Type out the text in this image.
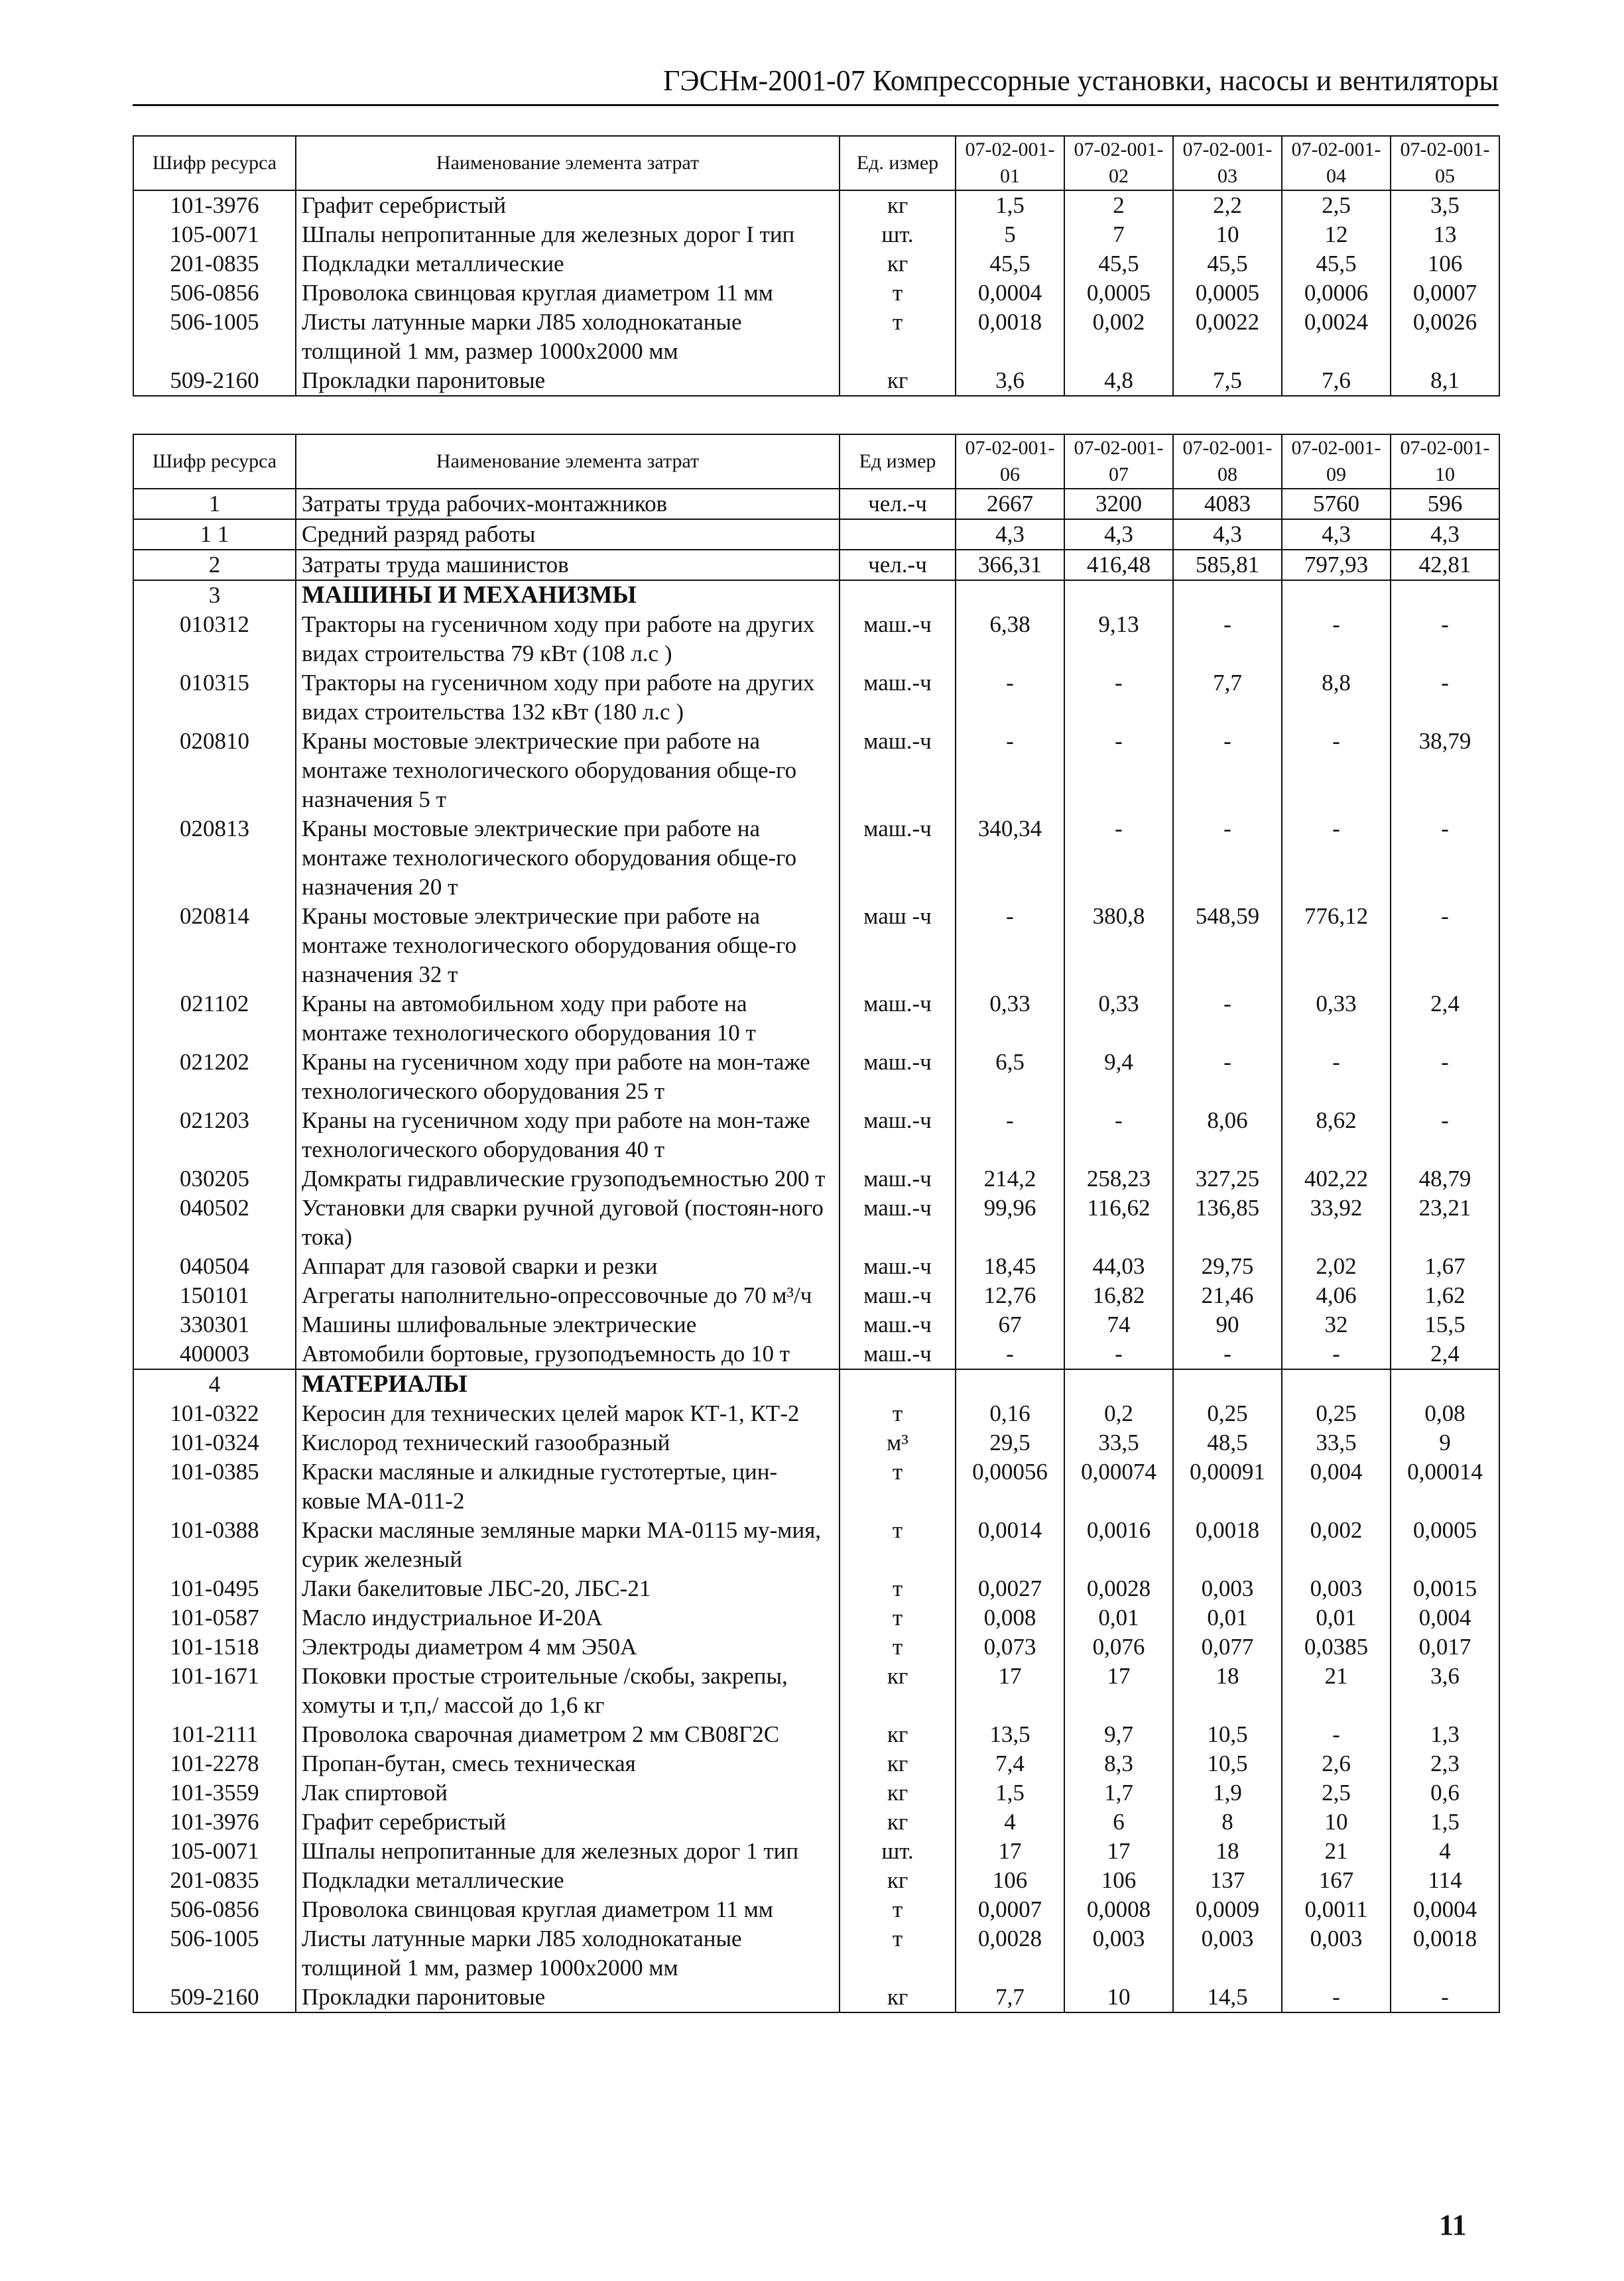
ГЭСНм-2001-07 Компрессорные установки, насосы и вентиляторы
Шифр ресурса	Наименование элемента затрат	Ед. измер	07-02-001-01	07-02-001-02	07-02-001-03	07-02-001-04	07-02-001-05
101-3976	Графит серебристый	кг	1,5	2	2,2	2,5	3,5
105-0071	Шпалы непропитанные для железных дорог I тип	шт.	5	7	10	12	13
201-0835	Подкладки металлические	кг	45,5	45,5	45,5	45,5	106
506-0856	Проволока свинцовая круглая диаметром 11 мм	т	0,0004	0,0005	0,0005	0,0006	0,0007
506-1005	Листы латунные марки Л85 холоднокатаные толщиной 1 мм, размер 1000x2000 мм	т	0,0018	0,002	0,0022	0,0024	0,0026
509-2160	Прокладки паронитовые	кг	3,6	4,8	7,5	7,6	8,1
Шифр ресурса	Наименование элемента затрат	Ед измер	07-02-001-06	07-02-001-07	07-02-001-08	07-02-001-09	07-02-001-10
1	Затраты труда рабочих-монтажников	чел.-ч	2667	3200	4083	5760	596
1 1	Средний разряд работы		4,3	4,3	4,3	4,3	4,3
2	Затраты труда машинистов	чел.-ч	366,31	416,48	585,81	797,93	42,81
3	МАШИНЫ И МЕХАНИЗМЫ						
010312	Тракторы на гусеничном ходу при работе на других видах строительства 79 кВт (108 л.с )	маш.-ч	6,38	9,13	-	-	-
010315	Тракторы на гусеничном ходу при работе на других видах строительства 132 кВт (180 л.с )	маш.-ч	-	-	7,7	8,8	-
020810	Краны мостовые электрические при работе на монтаже технологического оборудования обще-го назначения 5 т	маш.-ч	-	-	-	-	38,79
020813	Краны мостовые электрические при работе на монтаже технологического оборудования обще-го назначения 20 т	маш.-ч	340,34	-	-	-	-
020814	Краны мостовые электрические при работе на монтаже технологического оборудования обще-го назначения 32 т	маш -ч	-	380,8	548,59	776,12	-
021102	Краны на автомобильном ходу при работе на монтаже технологического оборудования 10 т	маш.-ч	0,33	0,33	-	0,33	2,4
021202	Краны на гусеничном ходу при работе на мон-таже технологического оборудования 25 т	маш.-ч	6,5	9,4	-	-	-
021203	Краны на гусеничном ходу при работе на мон-таже технологического оборудования 40 т	маш.-ч	-	-	8,06	8,62	-
030205	Домкраты гидравлические грузоподъемностью 200 т	маш.-ч	214,2	258,23	327,25	402,22	48,79
040502	Установки для сварки ручной дуговой (постоян-ного тока)	маш.-ч	99,96	116,62	136,85	33,92	23,21
040504	Аппарат для газовой сварки и резки	маш.-ч	18,45	44,03	29,75	2,02	1,67
150101	Агрегаты наполнительно-опрессовочные до 70 м³/ч	маш.-ч	12,76	16,82	21,46	4,06	1,62
330301	Машины шлифовальные электрические	маш.-ч	67	74	90	32	15,5
400003	Автомобили бортовые, грузоподъемность до 10 т	маш.-ч	-	-	-	-	2,4
4	МАТЕРИАЛЫ						
101-0322	Керосин для технических целей марок КТ-1, КТ-2	т	0,16	0,2	0,25	0,25	0,08
101-0324	Кислород технический газообразный	м³	29,5	33,5	48,5	33,5	9
101-0385	Краски масляные и алкидные густотертые, цин-ковые МА-011-2	т	0,00056	0,00074	0,00091	0,004	0,00014
101-0388	Краски масляные земляные марки МА-0115 му-мия, сурик железный	т	0,0014	0,0016	0,0018	0,002	0,0005
101-0495	Лаки бакелитовые ЛБС-20, ЛБС-21	т	0,0027	0,0028	0,003	0,003	0,0015
101-0587	Масло индустриальное И-20А	т	0,008	0,01	0,01	0,01	0,004
101-1518	Электроды диаметром 4 мм Э50А	т	0,073	0,076	0,077	0,0385	0,017
101-1671	Поковки простые строительные /скобы, закрепы, хомуты и т,п,/ массой до 1,6 кг	кг	17	17	18	21	3,6
101-2111	Проволока сварочная диаметром 2 мм СВ08Г2С	кг	13,5	9,7	10,5	-	1,3
101-2278	Пропан-бутан, смесь техническая	кг	7,4	8,3	10,5	2,6	2,3
101-3559	Лак спиртовой	кг	1,5	1,7	1,9	2,5	0,6
101-3976	Графит серебристый	кг	4	6	8	10	1,5
105-0071	Шпалы непропитанные для железных дорог 1 тип	шт.	17	17	18	21	4
201-0835	Подкладки металлические	кг	106	106	137	167	114
506-0856	Проволока свинцовая круглая диаметром 11 мм	т	0,0007	0,0008	0,0009	0,0011	0,0004
506-1005	Листы латунные марки Л85 холоднокатаные толщиной 1 мм, размер 1000x2000 мм	т	0,0028	0,003	0,003	0,003	0,0018
509-2160	Прокладки паронитовые	кг	7,7	10	14,5	-	-
11
